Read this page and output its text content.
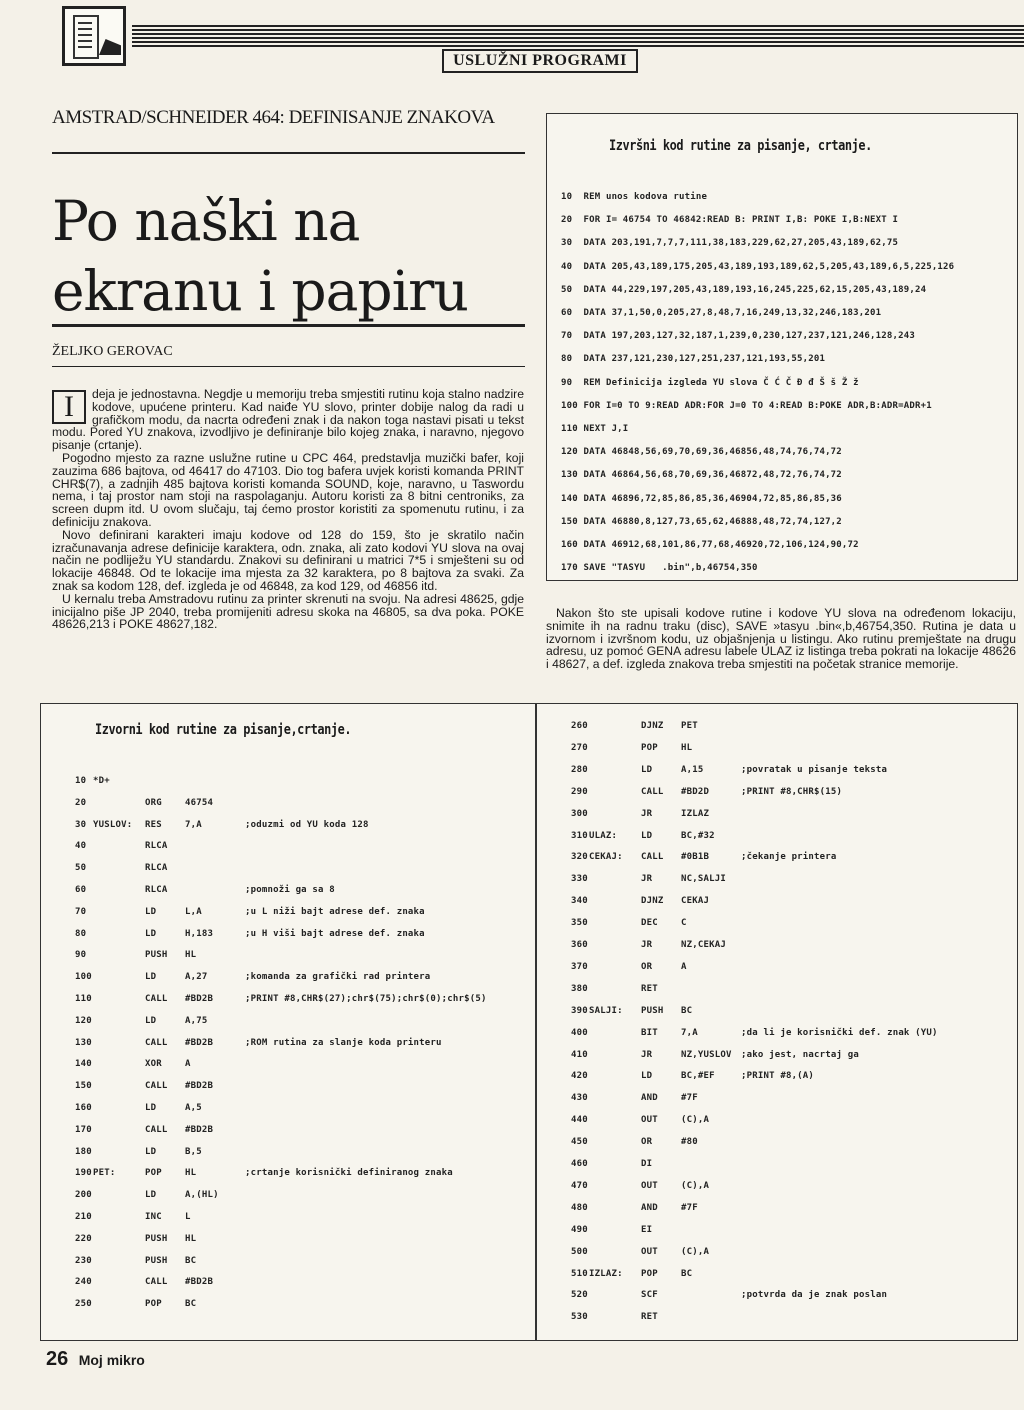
USLUŽNI PROGRAMI
AMSTRAD/SCHNEIDER 464: DEFINISANJE ZNAKOVA
Po naški na
ekranu i papiru
ŽELJKO GEROVAC

I	deja je jednostavna. Negdje u memoriju treba smjestiti rutinu koja stalno nadzire kodove, upućene printeru. Kad naiđe YU slovo, printer dobije nalog da radi u grafičkom modu, da nacrta određeni znak i da nakon toga nastavi pisati u tekst modu. Pored YU znakova, izvodljivo je definiranje bilo kojeg znaka, i naravno, njegovo pisanje (crtanje).

Pogodno mjesto za razne uslužne rutine u CPC 464, predstavlja muzički bafer, koji zauzima 686 bajtova, od 46417 do 47103. Dio tog bafera uvjek koristi komanda PRINT CHR$(7), a zadnjih 485 bajtova koristi komanda SOUND, koje, naravno, u Taswordu nema, i taj prostor nam stoji na raspolaganju. Autoru koristi za 8 bitni centroniks, za screen dupm itd. U ovom slučaju, taj ćemo prostor koristiti za spomenutu rutinu, i za definiciju znakova.

Novo definirani karakteri imaju kodove od 128 do 159, što je skratilo način izračunavanja adrese definicije karaktera, odn. znaka, ali zato kodovi YU slova na ovaj način ne podliježu YU standardu. Znakovi su definirani u matrici 7*5 i smješteni su od lokacije 46848. Od te lokacije ima mjesta za 32 karaktera, po 8 bajtova za svaki. Za znak sa kodom 128, def. izgleda je od 46848, za kod 129, od 46856 itd.

U kernalu treba Amstradovu rutinu za printer skrenuti na svoju. Na adresi 48625, gdje inicijalno piše JP 2040, treba promijeniti adresu skoka na 46805, sa dva poka. POKE 48626,213 i POKE 48627,182.

Izvršni kod rutine za pisanje, crtanje.
10  REM unos kodova rutine
20  FOR I= 46754 TO 46842:READ B: PRINT I,B: POKE I,B:NEXT I
30  DATA 203,191,7,7,7,111,38,183,229,62,27,205,43,189,62,75
40  DATA 205,43,189,175,205,43,189,193,189,62,5,205,43,189,6,5,225,126
50  DATA 44,229,197,205,43,189,193,16,245,225,62,15,205,43,189,24
60  DATA 37,1,50,0,205,27,8,48,7,16,249,13,32,246,183,201
70  DATA 197,203,127,32,187,1,239,0,230,127,237,121,246,128,243
80  DATA 237,121,230,127,251,237,121,193,55,201
90  REM Definicija izgleda YU slova Č Ć Č Đ đ Š š Ž ž
100 FOR I=0 TO 9:READ ADR:FOR J=0 TO 4:READ B:POKE ADR,B:ADR=ADR+1
110 NEXT J,I
120 DATA 46848,56,69,70,69,36,46856,48,74,76,74,72
130 DATA 46864,56,68,70,69,36,46872,48,72,76,74,72
140 DATA 46896,72,85,86,85,36,46904,72,85,86,85,36
150 DATA 46880,8,127,73,65,62,46888,48,72,74,127,2
160 DATA 46912,68,101,86,77,68,46920,72,106,124,90,72
170 SAVE "TASYU   .bin",b,46754,350

Nakon što ste upisali kodove rutine i kodove YU slova na određenom lokaciju, snimite ih na radnu traku (disc), SAVE »tasyu .bin«,b,46754,350. Rutina je data u izvornom i izvršnom kodu, uz objašnjenja u listingu. Ako rutinu premještate na drugu adresu, uz pomoć GENA adresu labele ULAZ iz listinga treba pokrati na lokacije 48626 i 48627, a def. izgleda znakova treba smjestiti na početak stranice memorije.

Izvorni kod rutine za pisanje,crtanje.
10 *D+
20	ORG	46754
30 YUSLOV: RES	7,A	;oduzmi od YU koda 128
40	RLCA
50	RLCA
60	RLCA	;pomnoži ga sa 8
70	LD	L,A	;u L niži bajt adrese def. znaka
80	LD	H,183	;u H viši bajt adrese def. znaka
90	PUSH HL
100	LD	A,27	;komanda za grafički rad printera
110	CALL #BD2B	;PRINT #8,CHR$(27);chr$(75);chr$(0);chr$(5)
120	LD	A,75
130	CALL #BD2B	;ROM rutina za slanje koda printeru
140	XOR	A
150	CALL #BD2B
160	LD	A,5
170	CALL #BD2B
180	LD	B,5
190 PET:	POP	HL	;crtanje korisnički definiranog znaka
200	LD	A,(HL)
210	INC	L
220	PUSH HL
230	PUSH BC
240	CALL #BD2B
250	POP	BC
260	DJNZ PET
270	POP	HL
280	LD	A,15	;povratak u pisanje teksta
290	CALL #BD2D	;PRINT #8,CHR$(15)
300	JR	IZLAZ
310 ULAZ:	LD	BC,#32
320 CEKAJ: CALL #0B1B	;čekanje printera
330	JR	NC,SALJI
340	DJNZ CEKAJ
350	DEC	C
360	JR	NZ,CEKAJ
370	OR	A
380	RET
390 SALJI: PUSH BC
400	BIT	7,A	;da li je korisnički def. znak (YU)
410	JR	NZ,YUSLOV ;ako jest, nacrtaj ga
420	LD	BC,#EF	;PRINT #8,(A)
430	AND	#7F
440	OUT	(C),A
450	OR	#80
460	DI
470	OUT	(C),A
480	AND	#7F
490	EI
500	OUT	(C),A
510 IZLAZ: POP	BC
520	SCF	;potvrda da je znak poslan
530	RET
26 Moj mikro
